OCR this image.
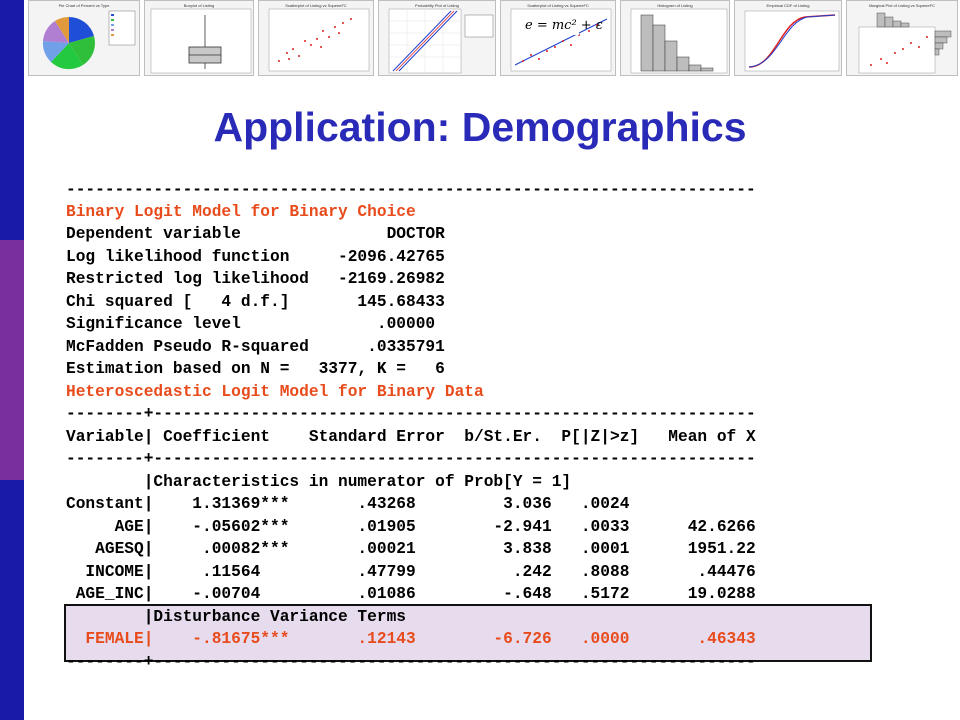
Pie Chart of Percent vs Type	Boxplot of Listing	Scatterplot of Listing vs SqueeeFC	Probability Plot of Listing	Scatterplot of Listing vs SqueeeFC
e = mc² + ε
Histogram of Listing	Empirical CDF of Listing	Marginal Plot of Listing vs SqueeeFC
Application: Demographics
-----------------------------------------------------------------------
Binary Logit Model for Binary Choice
Dependent variable               DOCTOR
Log likelihood function     -2096.42765
Restricted log likelihood   -2169.26982
Chi squared [   4 d.f.]       145.68433
Significance level              .00000
McFadden Pseudo R-squared      .0335791
Estimation based on N =   3377, K =   6
Heteroscedastic Logit Model for Binary Data
--------+--------------------------------------------------------------
Variable| Coefficient    Standard Error  b/St.Er.  P[|Z|>z]   Mean of X
--------+--------------------------------------------------------------
|Characteristics in numerator of Prob[Y = 1]
Constant|    1.31369***       .43268         3.036   .0024
AGE|    -.05602***       .01905        -2.941   .0033      42.6266
AGESQ|     .00082***       .00021         3.838   .0001      1951.22
INCOME|     .11564          .47799          .242   .8088       .44476
AGE_INC|    -.00704          .01086         -.648   .5172      19.0288
|Disturbance Variance Terms
FEMALE|    -.81675***       .12143        -6.726   .0000       .46343
--------+--------------------------------------------------------------
